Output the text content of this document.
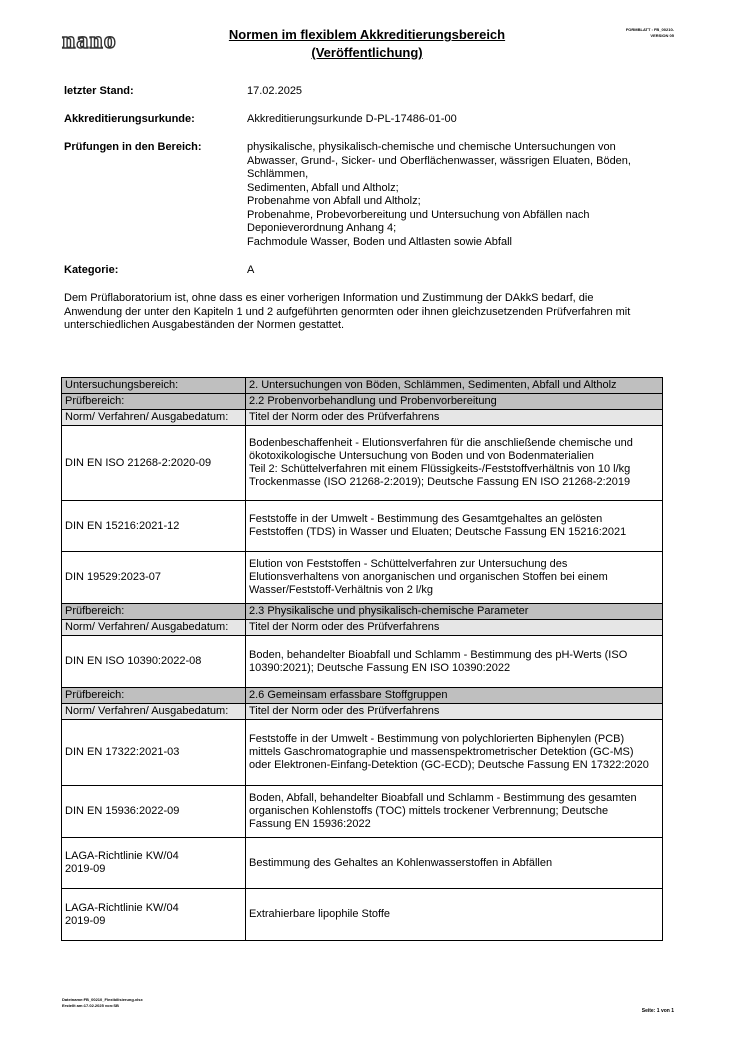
nano	Normen im flexiblem Akkreditierungsbereich
(Veröffentlichung)
FORMBLATT : FB_00210-
VERSION 05
letzter Stand:	17.02.2025
Akkreditierungsurkunde:	Akkreditierungsurkunde D-PL-17486-01-00
Prüfungen in den Bereich:	physikalische, physikalisch-chemische und chemische Untersuchungen von
Abwasser, Grund-, Sicker- und Oberflächenwasser, wässrigen Eluaten, Böden,
Schlämmen,
Sedimenten, Abfall und Altholz;
Probenahme von Abfall und Altholz;
Probenahme, Probevorbereitung und Untersuchung von Abfällen nach
Deponieverordnung Anhang 4;
Fachmodule Wasser, Boden und Altlasten sowie Abfall
Kategorie:	A
Dem Prüflaboratorium ist, ohne dass es einer vorherigen Information und Zustimmung der DAkkS bedarf, die
Anwendung der unter den Kapiteln 1 und 2 aufgeführten genormten oder ihnen gleichzusetzenden Prüfverfahren mit
unterschiedlichen Ausgabeständen der Normen gestattet.
Untersuchungsbereich:	2. Untersuchungen von Böden, Schlämmen, Sedimenten, Abfall und Altholz

Prüfbereich:	2.2 Probenvorbehandlung und Probenvorbereitung

Norm/ Verfahren/ Ausgabedatum:	Titel der Norm oder des Prüfverfahrens

DIN EN ISO 21268-2:2020-09	Bodenbeschaffenheit - Elutionsverfahren für die anschließende chemische und
ökotoxikologische Untersuchung von Boden und von Bodenmaterialien
Teil 2: Schüttelverfahren mit einem Flüssigkeits-/Feststoffverhältnis von 10 l/kg
Trockenmasse (ISO 21268-2:2019); Deutsche Fassung EN ISO 21268-2:2019

DIN EN 15216:2021-12	Feststoffe in der Umwelt - Bestimmung des Gesamtgehaltes an gelösten
Feststoffen (TDS) in Wasser und Eluaten; Deutsche Fassung EN 15216:2021

DIN 19529:2023-07	Elution von Feststoffen - Schüttelverfahren zur Untersuchung des
Elutionsverhaltens von anorganischen und organischen Stoffen bei einem
Wasser/Feststoff-Verhältnis von 2 l/kg

Prüfbereich:	2.3 Physikalische und physikalisch-chemische Parameter

Norm/ Verfahren/ Ausgabedatum:	Titel der Norm oder des Prüfverfahrens

DIN EN ISO 10390:2022-08	Boden, behandelter Bioabfall und Schlamm - Bestimmung des pH-Werts (ISO
10390:2021); Deutsche Fassung EN ISO 10390:2022

Prüfbereich:	2.6 Gemeinsam erfassbare Stoffgruppen

Norm/ Verfahren/ Ausgabedatum:	Titel der Norm oder des Prüfverfahrens

DIN EN 17322:2021-03	Feststoffe in der Umwelt - Bestimmung von polychlorierten Biphenylen (PCB)
mittels Gaschromatographie und massenspektrometrischer Detektion (GC-MS)
oder Elektronen-Einfang-Detektion (GC-ECD); Deutsche Fassung EN 17322:2020

DIN EN 15936:2022-09	Boden, Abfall, behandelter Bioabfall und Schlamm - Bestimmung des gesamten
organischen Kohlenstoffs (TOC) mittels trockener Verbrennung; Deutsche
Fassung EN 15936:2022

LAGA-Richtlinie KW/04
2019-09	Bestimmung des Gehaltes an Kohlenwasserstoffen in Abfällen

LAGA-Richtlinie KW/04
2019-09	Extrahierbare lipophile Stoffe
Dateiname:FB_00210_Flexibilisierung.xlsx
Erstellt am:17.02.2025 von:SB
Seite: 1 von 1
